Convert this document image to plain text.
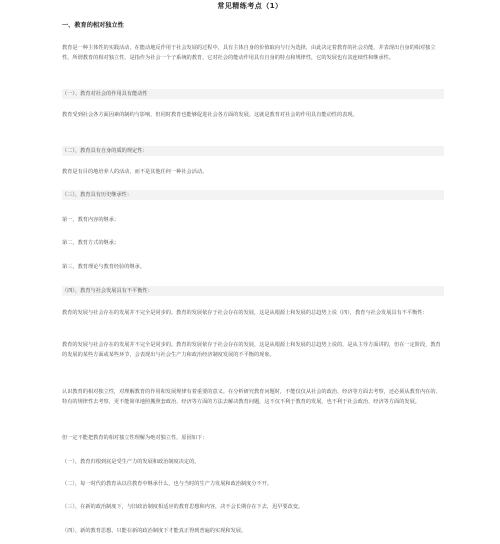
常见精练考点（1）
一、教育的相对独立性
教育是一种主体性的实践活动，在能动地反作用于社会发展的过程中，具有主体自身的价值取向与行为选择，由此决定着教育的社会功能，并表现出自身的相对独立性。所谓教育的相对独立性，是指作为社会一个子系统的教育，它对社会的能动作用具有自身的特点和规律性，它的发展也有其连续性和继承性。
（一）、教育对社会的作用具有能动性
教育受到社会各方面因素的制约与影响，但同时教育也能够促进社会各方面的发展。这就是教育对社会的作用具有能动性的表现。
（二），教育具有自身的质的规定性：
教育是有目的地培养人的活动，而不是其他任何一种社会活动。
（三），教育具有历史继承性：
第一，教育内容的继承；
第二，教育方式的继承；
第三，教育理论与教育经验的继承。
（四），教育与社会发展具有不平衡性：
教育的发展与社会存在的发展并不完全是同步的。教育的发展依存于社会存在的发展，这是从根源上和发展的总趋势上说（四），教育与社会发展具有不平衡性：
教育的发展与社会存在的发展并不完全是同步的。教育的发展依存于社会存在的发展，这是从根源上和发展的总趋势上说的，是从主导方面讲的，但在一定阶段，教育的发展的某些方面或某些环节，会表现出与社会生产力和政治经济制度发展的不平衡的现象。
认识教育的相对独立性，对理解教育的作用和发展规律有着重要的意义。在分析研究教育问题时，不能仅仅从社会的政治、经济等方面去考察，还必须从教育内在的、特有的规律性去考察，更不能简单地照搬照套政治、经济等方面的方法去解决教育问题，这不仅不利于教育的发展，也不利于社会政治、经济等方面的发展。
但一定不能把教育的相对独立性理解为绝对独立性，原因如下：
（一），教育归根到底是受生产力的发展和政治制度决定的。
（二），每一时代的教育从以往教育中继承什么，也与当时的生产力发展和政治制度分不开。
（三），在新的政治制度下，与旧政治制度相适应的教育思想和内容，决不会长期存在下去，迟早要改变。
（四），新的教育思想，只能在新的政治制度下才能真正得到普遍的实现和发展。
